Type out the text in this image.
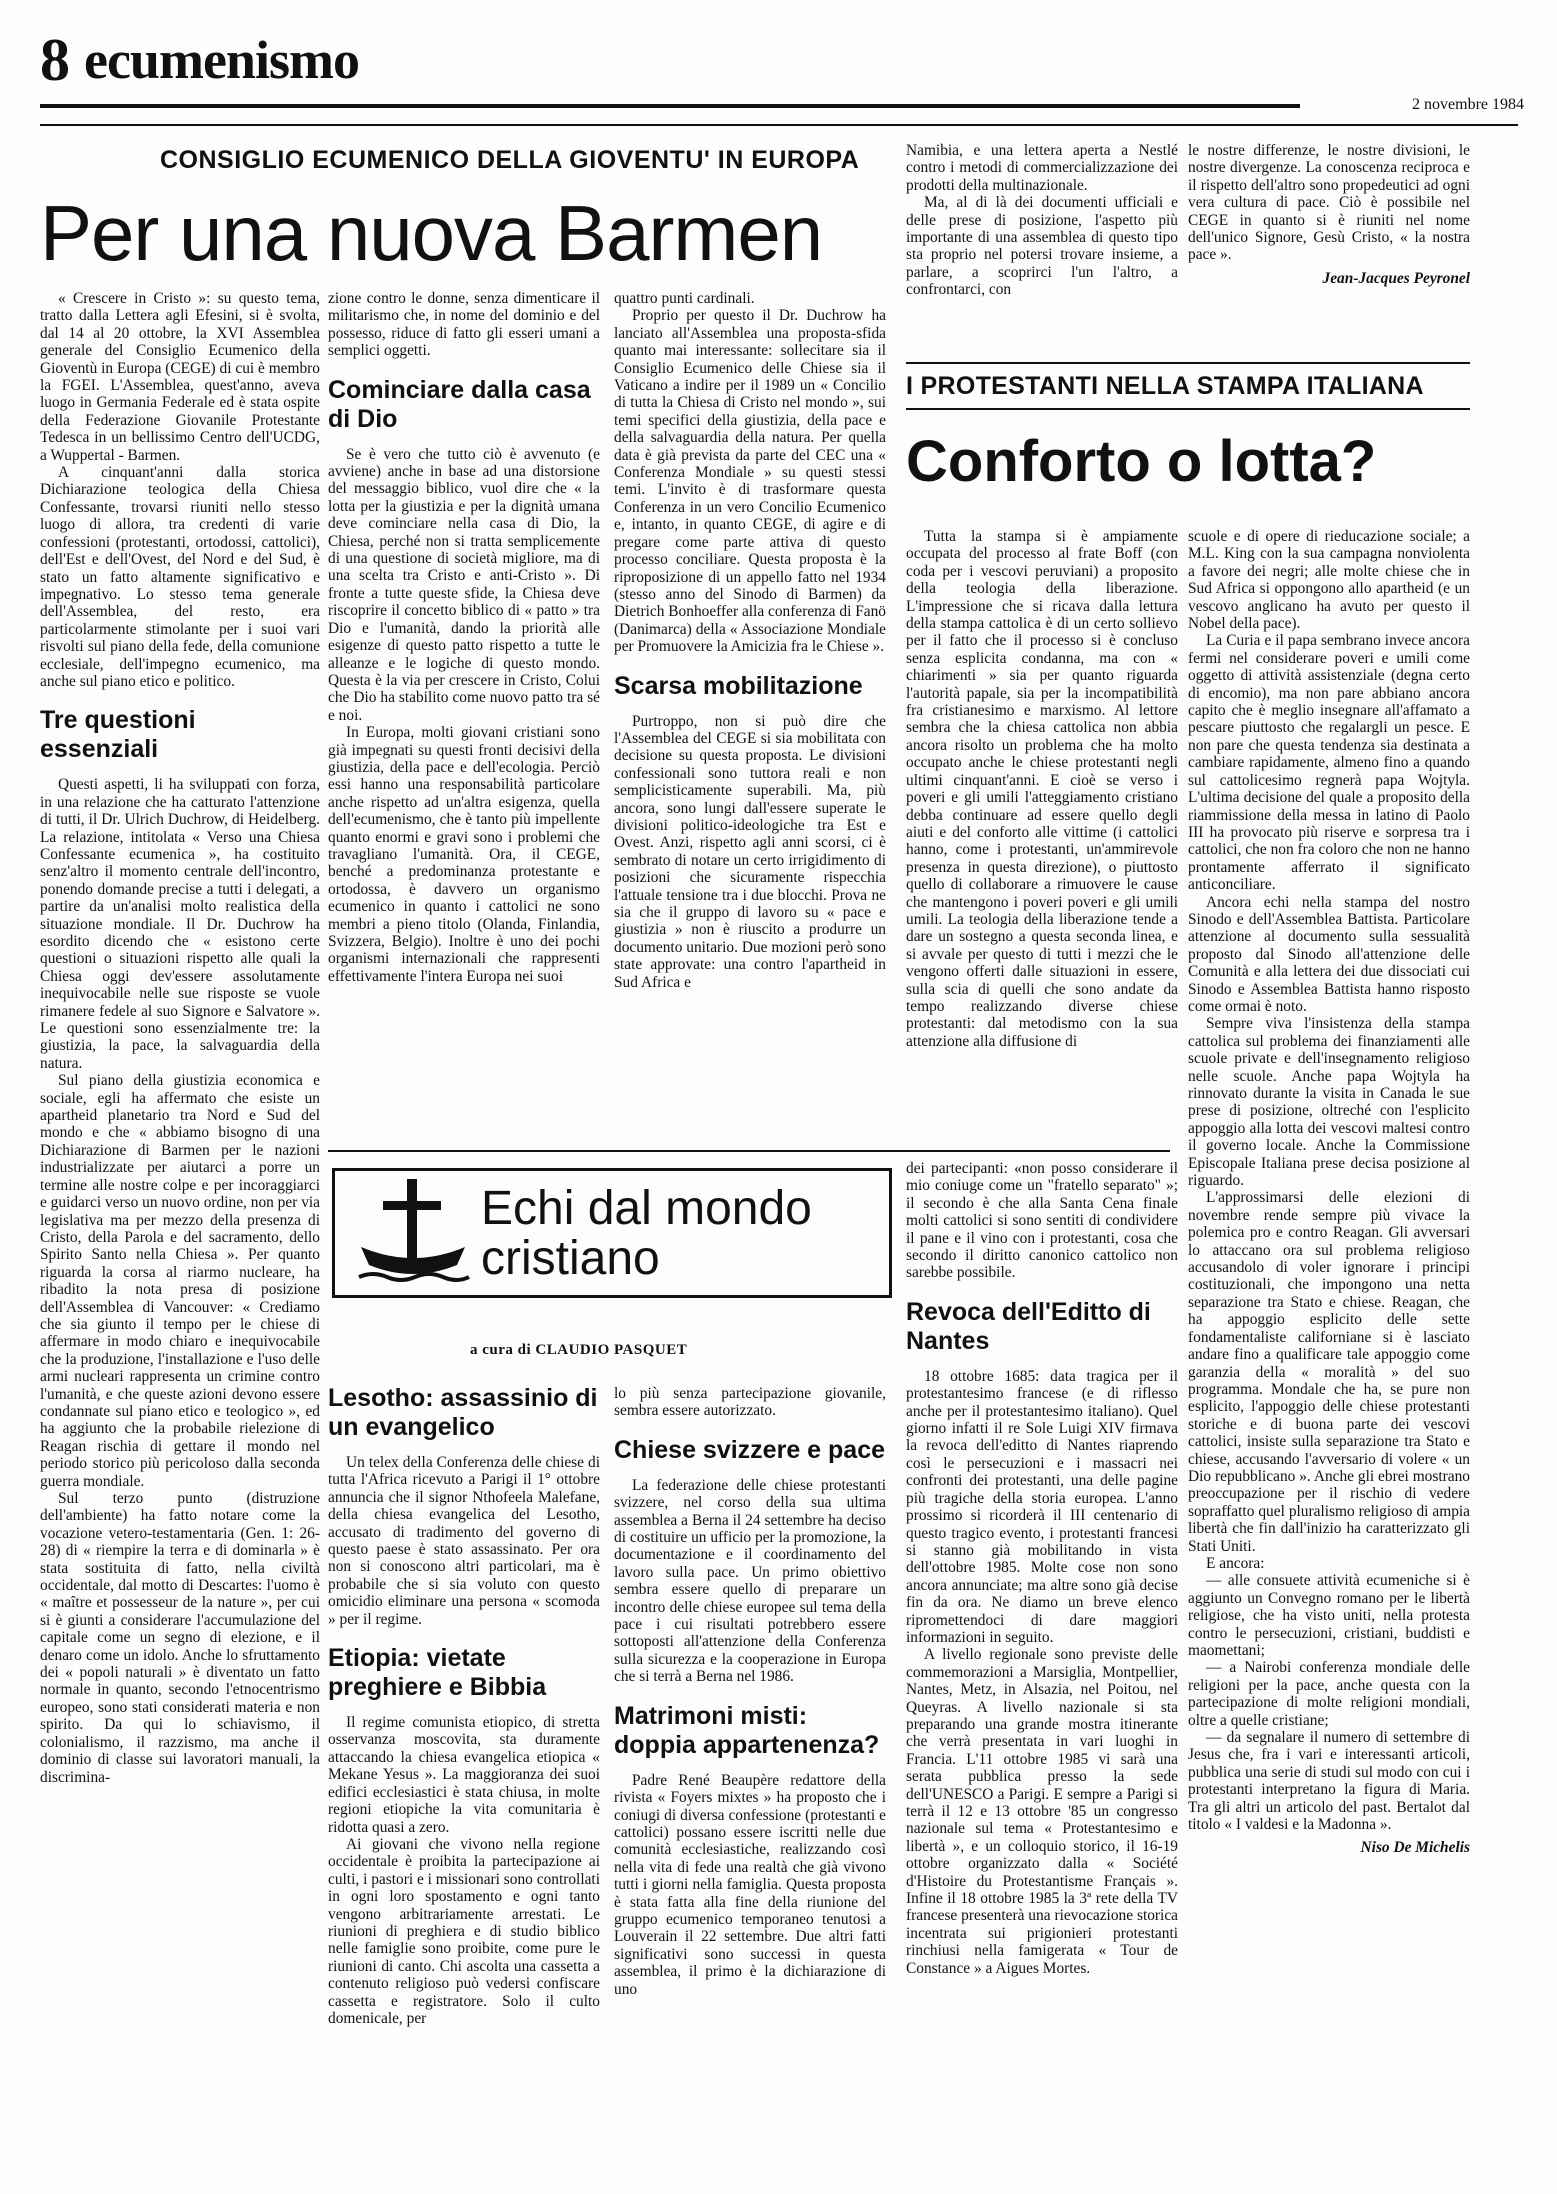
8 ecumenismo
2 novembre 1984
CONSIGLIO ECUMENICO DELLA GIOVENTU' IN EUROPA
Per una nuova Barmen

« Crescere in Cristo »: su questo tema, tratto dalla Lettera agli Efesini, si è svolta, dal 14 al 20 ottobre, la XVI Assemblea generale del Consiglio Ecumenico della Gioventù in Europa (CEGE) di cui è membro la FGEI. L'Assemblea, quest'anno, aveva luogo in Germania Federale ed è stata ospite della Federazione Giovanile Protestante Tedesca in un bellissimo Centro dell'UCDG, a Wuppertal - Barmen.

A cinquant'anni dalla storica Dichiarazione teologica della Chiesa Confessante, trovarsi riuniti nello stesso luogo di allora, tra credenti di varie confessioni (protestanti, ortodossi, cattolici), dell'Est e dell'Ovest, del Nord e del Sud, è stato un fatto altamente significativo e impegnativo. Lo stesso tema generale dell'Assemblea, del resto, era particolarmente stimolante per i suoi vari risvolti sul piano della fede, della comunione ecclesiale, dell'impegno ecumenico, ma anche sul piano etico e politico.

Tre questioni essenziali

Questi aspetti, li ha sviluppati con forza, in una relazione che ha catturato l'attenzione di tutti, il Dr. Ulrich Duchrow, di Heidelberg. La relazione, intitolata « Verso una Chiesa Confessante ecumenica », ha costituito senz'altro il momento centrale dell'incontro, ponendo domande precise a tutti i delegati, a partire da un'analisi molto realistica della situazione mondiale. Il Dr. Duchrow ha esordito dicendo che « esistono certe questioni o situazioni rispetto alle quali la Chiesa oggi dev'essere assolutamente inequivocabile nelle sue risposte se vuole rimanere fedele al suo Signore e Salvatore ». Le questioni sono essenzialmente tre: la giustizia, la pace, la salvaguardia della natura.

Sul piano della giustizia economica e sociale, egli ha affermato che esiste un apartheid planetario tra Nord e Sud del mondo e che « abbiamo bisogno di una Dichiarazione di Barmen per le nazioni industrializzate per aiutarci a porre un termine alle nostre colpe e per incoraggiarci e guidarci verso un nuovo ordine, non per via legislativa ma per mezzo della presenza di Cristo, della Parola e del sacramento, dello Spirito Santo nella Chiesa ». Per quanto riguarda la corsa al riarmo nucleare, ha ribadito la nota presa di posizione dell'Assemblea di Vancouver: « Crediamo che sia giunto il tempo per le chiese di affermare in modo chiaro e inequivocabile che la produzione, l'installazione e l'uso delle armi nucleari rappresenta un crimine contro l'umanità, e che queste azioni devono essere condannate sul piano etico e teologico », ed ha aggiunto che la probabile rielezione di Reagan rischia di gettare il mondo nel periodo storico più pericoloso dalla seconda guerra mondiale.

Sul terzo punto (distruzione dell'ambiente) ha fatto notare come la vocazione vetero-testamentaria (Gen. 1: 26-28) di « riempire la terra e di dominarla » è stata sostituita di fatto, nella civiltà occidentale, dal motto di Descartes: l'uomo è « maître et possesseur de la nature », per cui si è giunti a considerare l'accumulazione del capitale come un segno di elezione, e il denaro come un idolo. Anche lo sfruttamento dei « popoli naturali » è diventato un fatto normale in quanto, secondo l'etnocentrismo europeo, sono stati considerati materia e non spirito. Da qui lo schiavismo, il colonialismo, il razzismo, ma anche il dominio di classe sui lavoratori manuali, la discrimina-

zione contro le donne, senza dimenticare il militarismo che, in nome del dominio e del possesso, riduce di fatto gli esseri umani a semplici oggetti.

Cominciare dalla casa di Dio

Se è vero che tutto ciò è avvenuto (e avviene) anche in base ad una distorsione del messaggio biblico, vuol dire che « la lotta per la giustizia e per la dignità umana deve cominciare nella casa di Dio, la Chiesa, perché non si tratta semplicemente di una questione di società migliore, ma di una scelta tra Cristo e anti-Cristo ». Di fronte a tutte queste sfide, la Chiesa deve riscoprire il concetto biblico di « patto » tra Dio e l'umanità, dando la priorità alle esigenze di questo patto rispetto a tutte le alleanze e le logiche di questo mondo. Questa è la via per crescere in Cristo, Colui che Dio ha stabilito come nuovo patto tra sé e noi.

In Europa, molti giovani cristiani sono già impegnati su questi fronti decisivi della giustizia, della pace e dell'ecologia. Perciò essi hanno una responsabilità particolare anche rispetto ad un'altra esigenza, quella dell'ecumenismo, che è tanto più impellente quanto enormi e gravi sono i problemi che travagliano l'umanità. Ora, il CEGE, benché a predominanza protestante e ortodossa, è davvero un organismo ecumenico in quanto i cattolici ne sono membri a pieno titolo (Olanda, Finlandia, Svizzera, Belgio). Inoltre è uno dei pochi organismi internazionali che rappresenti effettivamente l'intera Europa nei suoi

quattro punti cardinali.

Proprio per questo il Dr. Duchrow ha lanciato all'Assemblea una proposta-sfida quanto mai interessante: sollecitare sia il Consiglio Ecumenico delle Chiese sia il Vaticano a indire per il 1989 un « Concilio di tutta la Chiesa di Cristo nel mondo », sui temi specifici della giustizia, della pace e della salvaguardia della natura. Per quella data è già prevista da parte del CEC una « Conferenza Mondiale » su questi stessi temi. L'invito è di trasformare questa Conferenza in un vero Concilio Ecumenico e, intanto, in quanto CEGE, di agire e di pregare come parte attiva di questo processo conciliare. Questa proposta è la riproposizione di un appello fatto nel 1934 (stesso anno del Sinodo di Barmen) da Dietrich Bonhoeffer alla conferenza di Fanö (Danimarca) della « Associazione Mondiale per Promuovere la Amicizia fra le Chiese ».

Scarsa mobilitazione

Purtroppo, non si può dire che l'Assemblea del CEGE si sia mobilitata con decisione su questa proposta. Le divisioni confessionali sono tuttora reali e non semplicisticamente superabili. Ma, più ancora, sono lungi dall'essere superate le divisioni politico-ideologiche tra Est e Ovest. Anzi, rispetto agli anni scorsi, ci è sembrato di notare un certo irrigidimento di posizioni che sicuramente rispecchia l'attuale tensione tra i due blocchi. Prova ne sia che il gruppo di lavoro su « pace e giustizia » non è riuscito a produrre un documento unitario. Due mozioni però sono state approvate: una contro l'apartheid in Sud Africa e

Namibia, e una lettera aperta a Nestlé contro i metodi di commercializzazione dei prodotti della multinazionale.

Ma, al di là dei documenti ufficiali e delle prese di posizione, l'aspetto più importante di una assemblea di questo tipo sta proprio nel potersi trovare insieme, a parlare, a scoprirci l'un l'altro, a confrontarci, con

le nostre differenze, le nostre divisioni, le nostre divergenze. La conoscenza reciproca e il rispetto dell'altro sono propedeutici ad ogni vera cultura di pace. Ciò è possibile nel CEGE in quanto si è riuniti nel nome dell'unico Signore, Gesù Cristo, « la nostra pace ».

Jean-Jacques Peyronel
I PROTESTANTI NELLA STAMPA ITALIANA
Conforto o lotta?

Tutta la stampa si è ampiamente occupata del processo al frate Boff (con coda per i vescovi peruviani) a proposito della teologia della liberazione. L'impressione che si ricava dalla lettura della stampa cattolica è di un certo sollievo per il fatto che il processo si è concluso senza esplicita condanna, ma con « chiarimenti » sia per quanto riguarda l'autorità papale, sia per la incompatibilità fra cristianesimo e marxismo. Al lettore sembra che la chiesa cattolica non abbia ancora risolto un problema che ha molto occupato anche le chiese protestanti negli ultimi cinquant'anni. E cioè se verso i poveri e gli umili l'atteggiamento cristiano debba continuare ad essere quello degli aiuti e del conforto alle vittime (i cattolici hanno, come i protestanti, un'ammirevole presenza in questa direzione), o piuttosto quello di collaborare a rimuovere le cause che mantengono i poveri poveri e gli umili umili. La teologia della liberazione tende a dare un sostegno a questa seconda linea, e si avvale per questo di tutti i mezzi che le vengono offerti dalle situazioni in essere, sulla scia di quelli che sono andate da tempo realizzando diverse chiese protestanti: dal metodismo con la sua attenzione alla diffusione di

scuole e di opere di rieducazione sociale; a M.L. King con la sua campagna nonviolenta a favore dei negri; alle molte chiese che in Sud Africa si oppongono allo apartheid (e un vescovo anglicano ha avuto per questo il Nobel della pace).

La Curia e il papa sembrano invece ancora fermi nel considerare poveri e umili come oggetto di attività assistenziale (degna certo di encomio), ma non pare abbiano ancora capito che è meglio insegnare all'affamato a pescare piuttosto che regalargli un pesce. E non pare che questa tendenza sia destinata a cambiare rapidamente, almeno fino a quando sul cattolicesimo regnerà papa Wojtyla. L'ultima decisione del quale a proposito della riammissione della messa in latino di Paolo III ha provocato più riserve e sorpresa tra i cattolici, che non fra coloro che non ne hanno prontamente afferrato il significato anticonciliare.

Ancora echi nella stampa del nostro Sinodo e dell'Assemblea Battista. Particolare attenzione al documento sulla sessualità proposto dal Sinodo all'attenzione delle Comunità e alla lettera dei due dissociati cui Sinodo e Assemblea Battista hanno risposto come ormai è noto.

Sempre viva l'insistenza della stampa cattolica sul problema dei finanziamenti alle scuole private e dell'insegnamento religioso nelle scuole. Anche papa Wojtyla ha rinnovato durante la visita in Canada le sue prese di posizione, oltreché con l'esplicito appoggio alla lotta dei vescovi maltesi contro il governo locale. Anche la Commissione Episcopale Italiana prese decisa posizione al riguardo.

L'approssimarsi delle elezioni di novembre rende sempre più vivace la polemica pro e contro Reagan. Gli avversari lo attaccano ora sul problema religioso accusandolo di voler ignorare i principi costituzionali, che impongono una netta separazione tra Stato e chiese. Reagan, che ha appoggio esplicito delle sette fondamentaliste californiane si è lasciato andare fino a qualificare tale appoggio come garanzia della « moralità » del suo programma. Mondale che ha, se pure non esplicito, l'appoggio delle chiese protestanti storiche e di buona parte dei vescovi cattolici, insiste sulla separazione tra Stato e chiese, accusando l'avversario di volere « un Dio repubblicano ». Anche gli ebrei mostrano preoccupazione per il rischio di vedere sopraffatto quel pluralismo religioso di ampia libertà che fin dall'inizio ha caratterizzato gli Stati Uniti.

E ancora:

— alle consuete attività ecumeniche si è aggiunto un Convegno romano per le libertà religiose, che ha visto uniti, nella protesta contro le persecuzioni, cristiani, buddisti e maomettani;

— a Nairobi conferenza mondiale delle religioni per la pace, anche questa con la partecipazione di molte religioni mondiali, oltre a quelle cristiane;

— da segnalare il numero di settembre di Jesus che, fra i vari e interessanti articoli, pubblica una serie di studi sul modo con cui i protestanti interpretano la figura di Maria. Tra gli altri un articolo del past. Bertalot dal titolo « I valdesi e la Madonna ».

Niso De Michelis
Echi dal mondo
cristiano
a cura di CLAUDIO PASQUET
Lesotho: assassinio di un evangelico

Un telex della Conferenza delle chiese di tutta l'Africa ricevuto a Parigi il 1° ottobre annuncia che il signor Nthofeela Malefane, della chiesa evangelica del Lesotho, accusato di tradimento del governo di questo paese è stato assassinato. Per ora non si conoscono altri particolari, ma è probabile che si sia voluto con questo omicidio eliminare una persona « scomoda » per il regime.

Etiopia: vietate preghiere e Bibbia

Il regime comunista etiopico, di stretta osservanza moscovita, sta duramente attaccando la chiesa evangelica etiopica « Mekane Yesus ». La maggioranza dei suoi edifici ecclesiastici è stata chiusa, in molte regioni etiopiche la vita comunitaria è ridotta quasi a zero.

Ai giovani che vivono nella regione occidentale è proibita la partecipazione ai culti, i pastori e i missionari sono controllati in ogni loro spostamento e ogni tanto vengono arbitrariamente arrestati. Le riunioni di preghiera e di studio biblico nelle famiglie sono proibite, come pure le riunioni di canto. Chi ascolta una cassetta a contenuto religioso può vedersi confiscare cassetta e registratore. Solo il culto domenicale, per

lo più senza partecipazione giovanile, sembra essere autorizzato.

Chiese svizzere e pace

La federazione delle chiese protestanti svizzere, nel corso della sua ultima assemblea a Berna il 24 settembre ha deciso di costituire un ufficio per la promozione, la documentazione e il coordinamento del lavoro sulla pace. Un primo obiettivo sembra essere quello di preparare un incontro delle chiese europee sul tema della pace i cui risultati potrebbero essere sottoposti all'attenzione della Conferenza sulla sicurezza e la cooperazione in Europa che si terrà a Berna nel 1986.

Matrimoni misti: doppia appartenenza?

Padre René Beaupère redattore della rivista « Foyers mixtes » ha proposto che i coniugi di diversa confessione (protestanti e cattolici) possano essere iscritti nelle due comunità ecclesiastiche, realizzando così nella vita di fede una realtà che già vivono tutti i giorni nella famiglia. Questa proposta è stata fatta alla fine della riunione del gruppo ecumenico temporaneo tenutosi a Louverain il 22 settembre. Due altri fatti significativi sono successi in questa assemblea, il primo è la dichiarazione di uno

dei partecipanti: «non posso considerare il mio coniuge come un "fratello separato" »; il secondo è che alla Santa Cena finale molti cattolici si sono sentiti di condividere il pane e il vino con i protestanti, cosa che secondo il diritto canonico cattolico non sarebbe possibile.

Revoca dell'Editto di Nantes

18 ottobre 1685: data tragica per il protestantesimo francese (e di riflesso anche per il protestantesimo italiano). Quel giorno infatti il re Sole Luigi XIV firmava la revoca dell'editto di Nantes riaprendo così le persecuzioni e i massacri nei confronti dei protestanti, una delle pagine più tragiche della storia europea. L'anno prossimo si ricorderà il III centenario di questo tragico evento, i protestanti francesi si stanno già mobilitando in vista dell'ottobre 1985. Molte cose non sono ancora annunciate; ma altre sono già decise fin da ora. Ne diamo un breve elenco ripromettendoci di dare maggiori informazioni in seguito.

A livello regionale sono previste delle commemorazioni a Marsiglia, Montpellier, Nantes, Metz, in Alsazia, nel Poitou, nel Queyras. A livello nazionale si sta preparando una grande mostra itinerante che verrà presentata in vari luoghi in Francia. L'11 ottobre 1985 vi sarà una serata pubblica presso la sede dell'UNESCO a Parigi. E sempre a Parigi si terrà il 12 e 13 ottobre '85 un congresso nazionale sul tema « Protestantesimo e libertà », e un colloquio storico, il 16-19 ottobre organizzato dalla « Société d'Histoire du Protestantisme Français ». Infine il 18 ottobre 1985 la 3ª rete della TV francese presenterà una rievocazione storica incentrata sui prigionieri protestanti rinchiusi nella famigerata « Tour de Constance » a Aigues Mortes.
